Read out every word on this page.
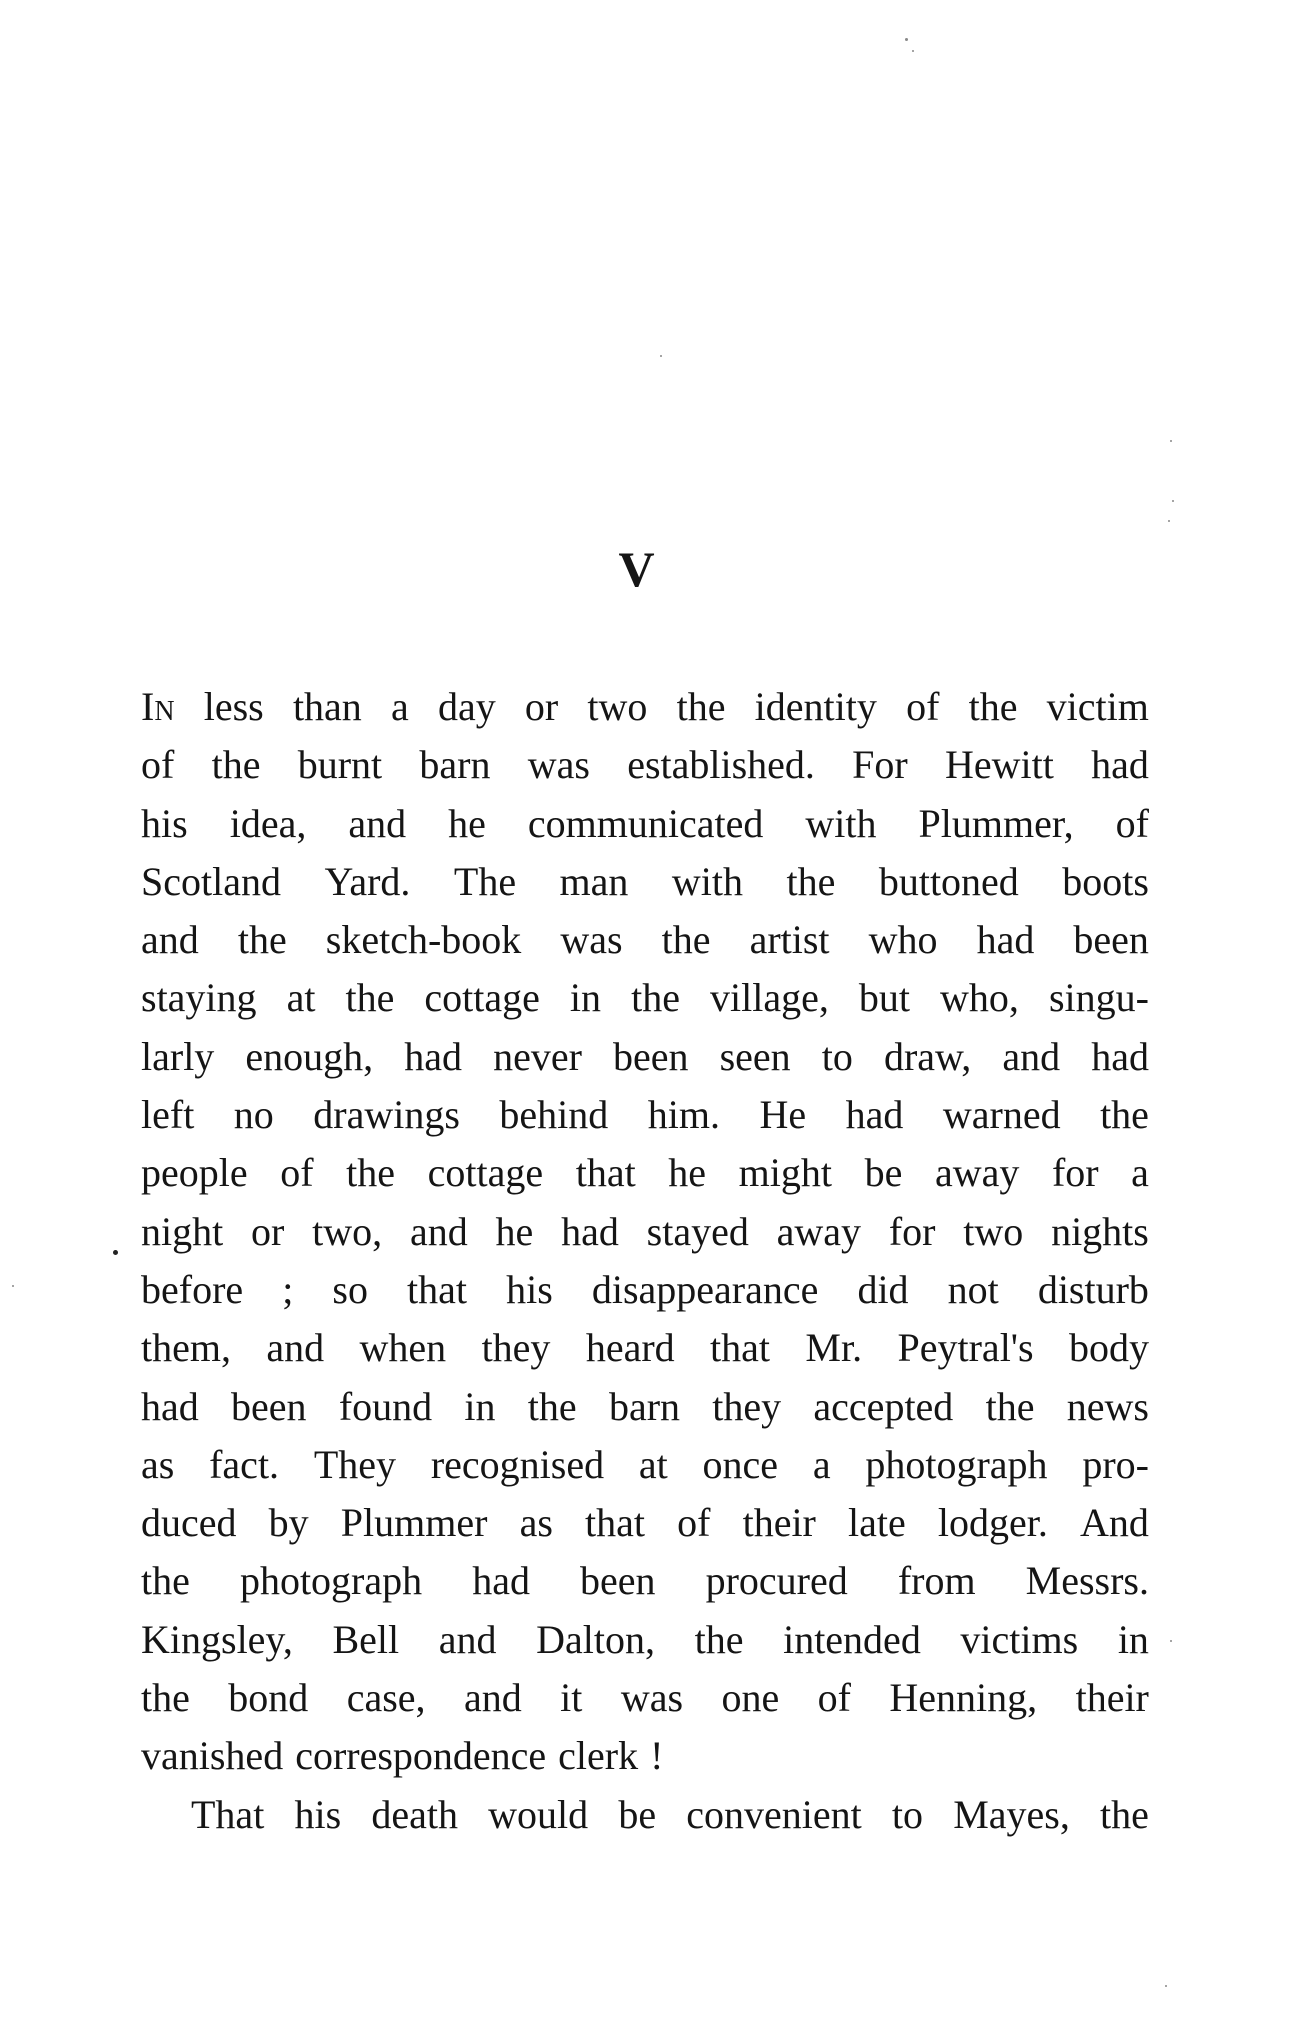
V
In less than a day or two the identity of the victim
of the burnt barn was established. For Hewitt had
his idea, and he communicated with Plummer, of
Scotland Yard. The man with the buttoned boots
and the sketch-book was the artist who had been
staying at the cottage in the village, but who, singu-
larly enough, had never been seen to draw, and had
left no drawings behind him. He had warned the
people of the cottage that he might be away for a
night or two, and he had stayed away for two nights
before ; so that his disappearance did not disturb
them, and when they heard that Mr. Peytral's body
had been found in the barn they accepted the news
as fact. They recognised at once a photograph pro-
duced by Plummer as that of their late lodger. And
the photograph had been procured from Messrs.
Kingsley, Bell and Dalton, the intended victims in
the bond case, and it was one of Henning, their
vanished correspondence clerk !
That his death would be convenient to Mayes, the
